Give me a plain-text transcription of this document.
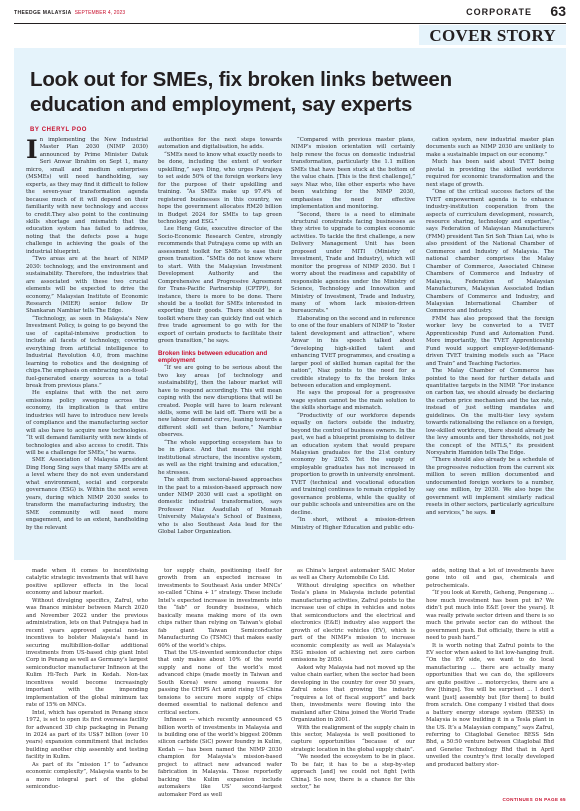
THEEDGE MALAYSIA SEPTEMBER 4, 2023	CORPORATE 63
COVER STORY
Look out for SMEs, fix broken links between education and employment, say experts
BY CHERYL POO
I n implementing the New Industrial Master Plan 2030 (NIMP 2030) announced by Prime Minister Datuk Seri Anwar Ibrahim on Sept 1, many micro, small and medium enterprises (MSMEs) will need handholding, say experts, as they may find it difficult to follow the seven-year transformation agenda because much of it will depend on their familiarity with new technology and access to credit.They also point to the continuing skills shortage and mismatch that the education system has failed to address, noting that the defects pose a huge challenge in achieving the goals of the industrial blueprint.

“Two areas are at the heart of NIMP 2030: technology, and the environment and sustainability. Therefore, the industries that are associated with these two crucial elements will be expected to drive the economy,” Malaysian Institute of Economic Research (MIER) senior fellow Dr Shankaran Nambiar tells The Edge.

“Technology, as seen in Malaysia’s New Investment Policy, is going to go beyond the use of capital-intensive production to include all facets of technology, covering everything from artificial intelligence to Industrial Revolution 4.0, from machine learning to robotics and the designing of chips.The emphasis on embracing non-fossil-fuel-generated energy sources is a total break from previous plans.”

He explains that with the net zero emissions policy sweeping across the economy, its implication is that entire industries will have to introduce new levels of compliance and the manufacturing sector will also have to acquire new technologies. “It will demand familiarity with new kinds of technologies and also access to credit. This will be a challenge for SMEs,” he warns.

SME Association of Malaysia president Ding Hong Sing says that many SMEs are at a level where they do not even understand what environment, social and corporate governance (ESG) is. Within the next seven years, during which NIMP 2030 seeks to transform the manufacturing industry, the SME community will need more engagement, and to an extent, handholding by the relevant

authorities for the next steps towards automation and digitalisation, he adds.

“SMEs need to know what exactly needs to be done, including the extent of worker upskilling,” says Ding, who urges Putrajaya to set aside 50% of the foreign workers levy for the purpose of their upskilling and training. “As SMEs make up 97.4% of registered businesses in this country, we hope the government allocates RM20 billion in Budget 2024 for SMEs to tap green technology and ESG.”

Lee Heng Guie, executive director of the Socio-Economic Research Centre, strongly recommends that Putrajaya come up with an assessment toolkit for SMEs to ease their green transition. “SMEs do not know where to start. With the Malaysian Investment Development Authority and the Comprehensive and Progressive Agreement for Trans-Pacific Partnership (CPTPP), for instance, there is more to be done. There should be a toolkit for SMEs interested in exporting their goods. There should be a toolkit where they can quickly find out which free trade agreement to go with for the export of certain products to facilitate their green transition,” he says.

Broken links between education and employment

“If we are going to be serious about the two key areas [of technology and sustainability], then the labour market will have to respond accordingly. This will mean coping with the new disruptions that will be created. People will have to learn relevant skills, some will be laid off. There will be a new labour demand curve, leaning towards a different skill set than before,” Nambiar observes.

“The whole supporting ecosystem has to be in place. And that means the right institutional structure, the incentive system, as well as the right training and education,” he stresses.

The shift from sectoral-based approaches in the past to a mission-based approach now under NIMP 2030 will cast a spotlight on domestic industrial transformation, says Professor Niaz Asadullah of Monash University Malaysia’s School of Business, who is also Southeast Asia lead for the Global Labor Organization.

“Compared with previous master plans, NIMP’s mission orientation will certainly help renew the focus on domestic industrial transformation, particularly the 1.1 million SMEs that have been stuck at the bottom of the value chain. [This is the first challenge],” says Niaz who, like other experts who have been watching for the NIMP 2030, emphasises the need for effective implementation and monitoring.

“Second, there is a need to eliminate structural constraints facing businesses as they strive to upgrade to complex economic activities. To tackle the first challenge, a new Delivery Management Unit has been proposed under MITI (Ministry of Investment, Trade and Industry), which will monitor the progress of NIMP 2030. But I worry about the readiness and capability of responsible agencies under the Ministry of Science, Technology and Innovation and Ministry of Investment, Trade and Industry, many of whom lack mission-driven bureaucrats.”

Elaborating on the second and in reference to one of the four enablers of NIMP to “foster talent development and attraction”, where Anwar in his speech talked about “developing high-skilled talent and enhancing TVET programmes, and creating a larger pool of skilled human capital for the nation”, Niaz points to the need for a credible strategy to fix the broken links between education and employment.

He says the proposal for a progressive wage system cannot be the main solution to the skills shortage and mismatch.

“Productivity of our workforce depends equally on factors outside the industry, beyond the control of business owners. In the past, we had a blueprint promising to deliver an education system that would prepare Malaysian graduates for the 21st century economy by 2025. Yet the supply of employable graduates has not increased in proportion to growth in university enrolment. TVET (technical and vocational education and training) continues to remain crippled by governance problems, while the quality of our public schools and universities are on the decline.

“In short, without a mission-driven Ministry of Higher Education and public edu-

cation system, new industrial master plan documents such as NIMP 2030 are unlikely to make a sustainable impact on our economy.”

Much has been said about TVET being pivotal in providing the skilled workforce required for economic transformation and the next stage of growth.

“One of the critical success factors of the TVET empowerment agenda is to enhance industry-institution cooperation from the aspects of curriculum development, research, resource sharing, technology and expertise,” says Federation of Malaysian Manufacturers (FMM) president Tan Sri Soh Thian Lai, who is also president of the National Chamber of Commerce and Industry of Malaysia. The national chamber comprises the Malay Chamber of Commerce, Associated Chinese Chambers of Commerce and Industry of Malaysia, Federation of Malaysian Manufacturers, Malaysian Associated Indian Chambers of Commerce and Industry, and Malaysian International Chamber of Commerce and Industry.

FMM has also proposed that the foreign worker levy be converted to a TVET Apprenticeship Fund and Automation Fund. More importantly, the TVET Apprenticeship Fund would support employer-led/demand-driven TVET training models such as “Place and Train” and Teaching Factories.

The Malay Chamber of Commerce has pointed to the need for further details and quantitative targets in the NIMP. “For instance on carbon tax, we should already be declaring the carbon price mechanism and the tax rate, instead of just setting mandates and guidelines. On the multi-tier levy system towards rationalising the reliance on a foreign, low-skilled workforce, there should already be the levy amounts and tier thresholds, not just the concept of the MTLS,” its president Norsyahrin Hamidon tells The Edge.

“There should also already be a schedule of the progressive reduction from the current six million to seven million documented and undocumented foreign workers to a number, say one million, by 2030. We also hope the government will implement similarly radical resets in other sectors, particularly agriculture and services,” he says.

made when it comes to incentivising catalytic strategic investments that will have positive spillover effects in the local economy and labour market.

Without divulging specifics, Zafrul, who was finance minister between March 2020 and November 2022 under the previous administration, lets on that Putrajaya had in recent years approved special non-tax incentives to bolster Malaysia’s hand in securing multibillion-dollar additional investments from US-based chip giant Intel Corp in Penang as well as Germany’s largest semiconductor manufacturer Infineon at the Kulim Hi-Tech Park in Kedah. Non-tax incentives would become increasingly important with the impending implementation of the global minimum tax rate of 15% on MNCs.

Intel, which has operated in Penang since 1972, is set to open its first overseas facility for advanced 3D chip packaging in Penang in 2024 as part of its US$7 billion (over 10 years) expansion commitment that includes building another chip assembly and testing facility in Kulim.

As part of its “mission 1” to “advance economic complexity”, Malaysia wants to be a more integral part of the global semiconduc-

tor supply chain, positioning itself for growth from an expected increase in investments to Southeast Asia under MNCs’ so-called “China + 1” strategy. These include Intel’s expected increase in investments into the “fab” or foundry business, which basically means making more of its own chips rather than relying on Taiwan’s global fab giant Taiwan Semiconductor Manufacturing Co (TSMC) that makes easily 60% of the world’s chips.

That the US-invented semiconductor chips that only makes about 10% of the world supply and none of the world’s most advanced chips (made mostly in Taiwan and South Korea) were among reasons for passing the CHIPS Act amid rising US-China tensions to secure more supply of chips deemed essential to national defence and critical sectors.

Infineon — which recently announced €5 billion worth of investments in Malaysia and is building one of the world’s biggest 200mm silicon carbide (SiC) power foundry in Kulim, Kedah — has been named the NIMP 2030 champion for Malaysia’s mission-based project to attract new advanced wafer fabrication in Malaysia. Those reportedly backing the Kulim expansion include automakers like US’ second-largest automaker Ford as well

as China’s largest automaker SAIC Motor as well as Chery Automobile Co Ltd.

Without divulging specifics on whether Tesla’s plans in Malaysia include potential manufacturing activities, Zafrul points to the increase use of chips in vehicles and notes that semiconductors and the electrical and electronics (E&E) industry also support the growth of electric vehicles (EV), which is part of the NIMP’s mission to increase economic complexity as well as Malaysia’s ESG mission of achieving net zero carbon emissions by 2050.

Asked why Malaysia had not moved up the value chain earlier, when the sector had been developing in the country for over 50 years, Zafrul notes that growing the industry “requires a lot of fiscal support” and back then, investments were flowing into the mainland after China joined the World Trade Organization in 2001.

With the realignment of the supply chain in this sector, Malaysia is well positioned to capture opportunities “because of our strategic location in the global supply chain”.

“We needed the ecosystem to be in place. To be fair, it has to be a step-by-step approach [and] we could not fight [with China]. So now, there is a chance for this sector,” he

adds, noting that a lot of investments have gone into oil and gas, chemicals and petrochemicals.

“If you look at Kereth, Geheng, Pengerang ... how much investment has been put in? We didn’t put much into E&E [over the years]. It was really private sector driven and there is so much the private sector can do without the government push. But officially, there is still a need to push hard.”

It is worth noting that Zafrul points to the EV sector when asked to list low-hanging fruit. “On the EV side, we want to do local manufacturing ... there are actually many opportunities that we can do, the spillovers are quite positive ... motorcycles, there are a few [things]. You will be surprised ... I don’t want [just] assembly but [for them] to build from scratch. One company I visited that does a battery energy storage system (BESS) in Malaysia is now building it in a Tesla plant in the US. It’s a Malaysian company,” says Zafrul, referring to Citaglobal Genetec BESS Sdn Bhd, a 50:50 venture between Citaglobal Bhd and Genetec Technology Bhd that in April unveiled the country’s first locally developed and produced battery stor-

CONTINUES ON PAGE 65
